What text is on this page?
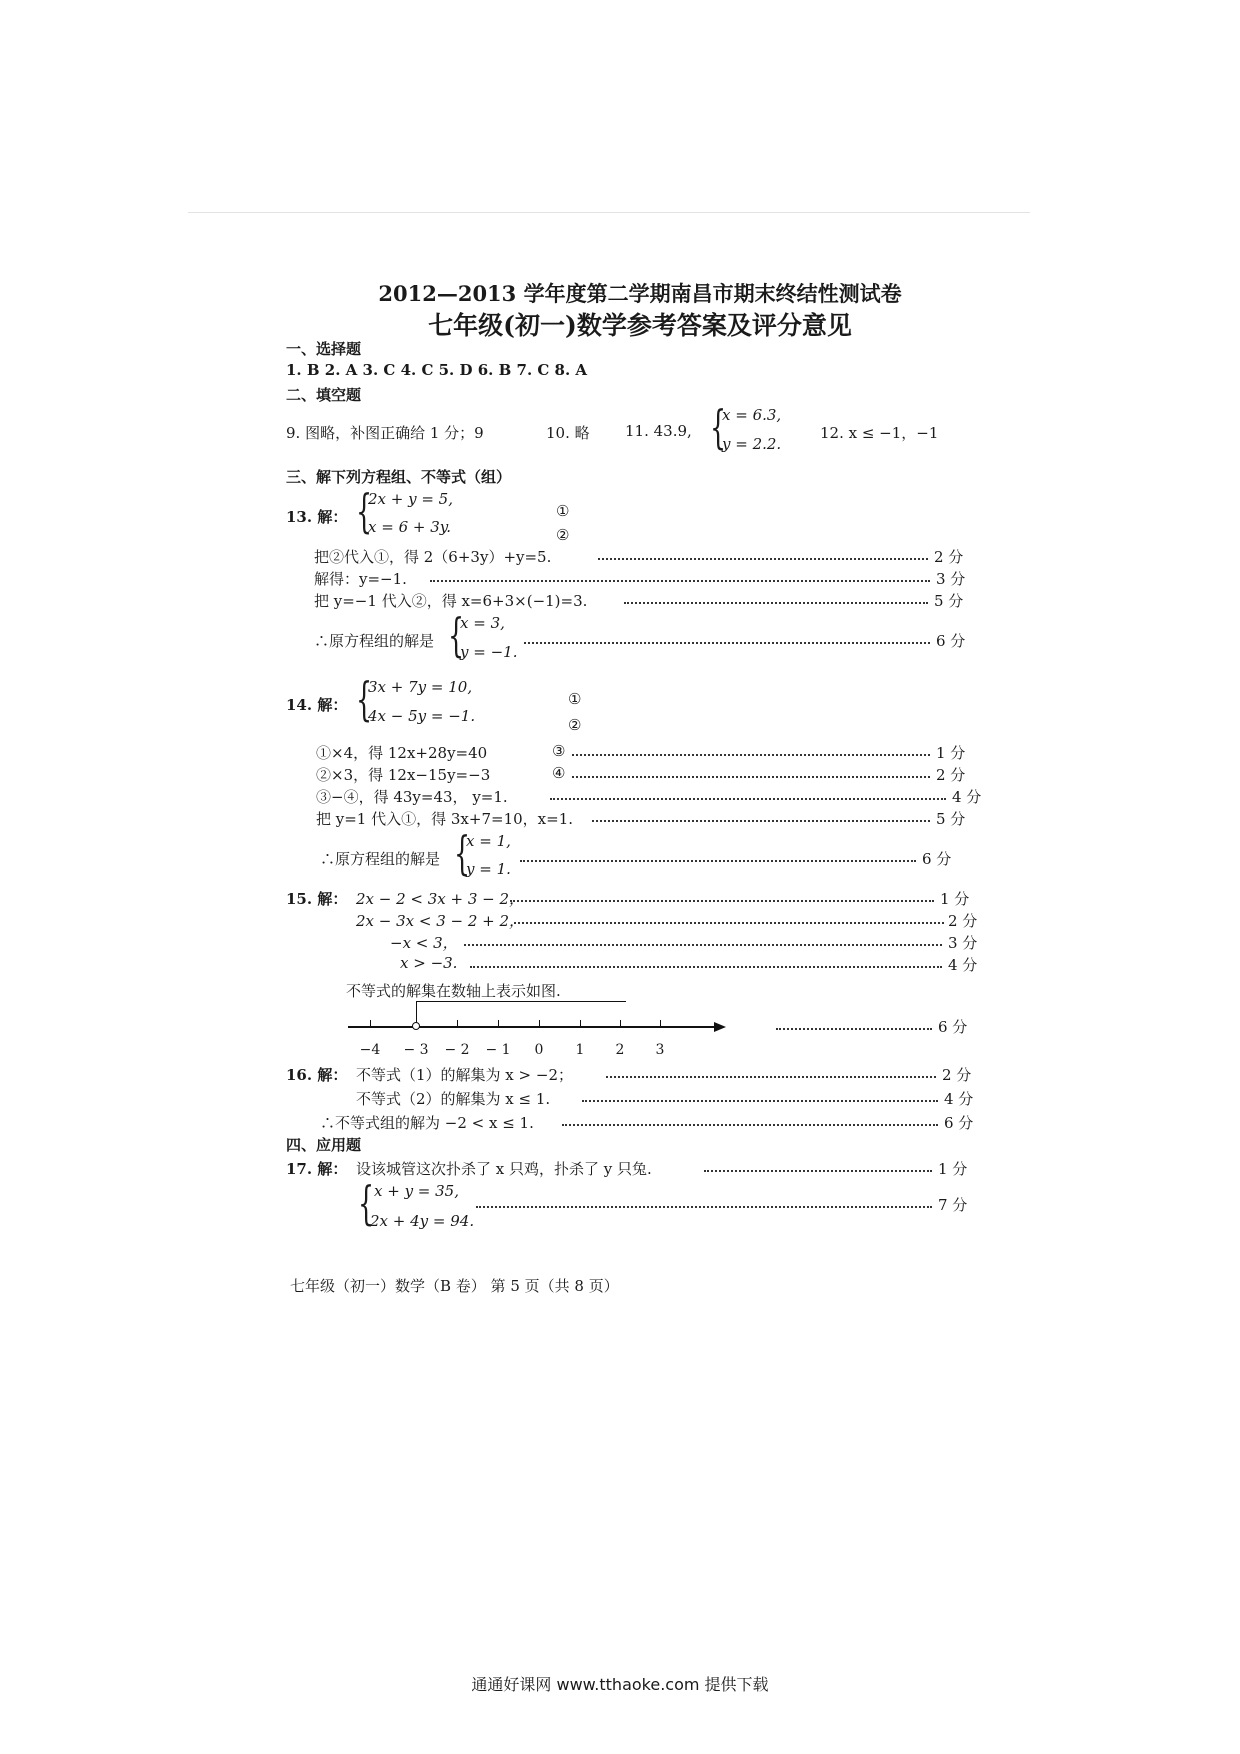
2012—2013 学年度第二学期南昌市期末终结性测试卷
七年级(初一)数学参考答案及评分意见
一、选择题
1. B 2. A 3. C 4. C 5. D 6. B 7. C 8. A
二、填空题
9. 图略，补图正确给 1 分；9	10. 略 11. 43.9, {
x = 6.3,
y = 2.2.
12. x ≤ −1，−1
三、解下列方程组、不等式（组）
13. 解： {
2x + y = 5,
x = 6 + 3y.
①
②
把②代入①，得 2（6+3y）+y=5.	2 分
解得：y=−1.	3 分
把 y=−1 代入②，得 x=6+3×(−1)=3.	5 分
∴原方程组的解是 {
x = 3,
y = −1.
6 分
14. 解： {
3x + 7y = 10,
4x − 5y = −1.
①
②
①×4，得 12x+28y=40	③	1 分
②×3，得 12x−15y=−3	④	2 分
③−④，得 43y=43， y=1.	4 分
把 y=1 代入①，得 3x+7=10，x=1.	5 分
∴原方程组的解是 {
x = 1,
y = 1.
6 分
15. 解： 2x − 2 < 3x + 3 − 2，	1 分
2x − 3x < 3 − 2 + 2，	2 分
−x < 3，	3 分
x > −3.	4 分
不等式的解集在数轴上表示如图.
−4	− 3	− 2	− 1	0	1	2	3
6 分
16. 解： 不等式（1）的解集为 x > −2；	2 分
不等式（2）的解集为 x ≤ 1.	4 分
∴不等式组的解为 −2 < x ≤ 1.	6 分
四、应用题
17. 解： 设该城管这次扑杀了 x 只鸡，扑杀了 y 只兔.	1 分
{ x + y = 35,
2x + 4y = 94.
7 分
七年级（初一）数学（B 卷） 第 5 页（共 8 页）
通通好课网 www.tthaoke.com 提供下载
